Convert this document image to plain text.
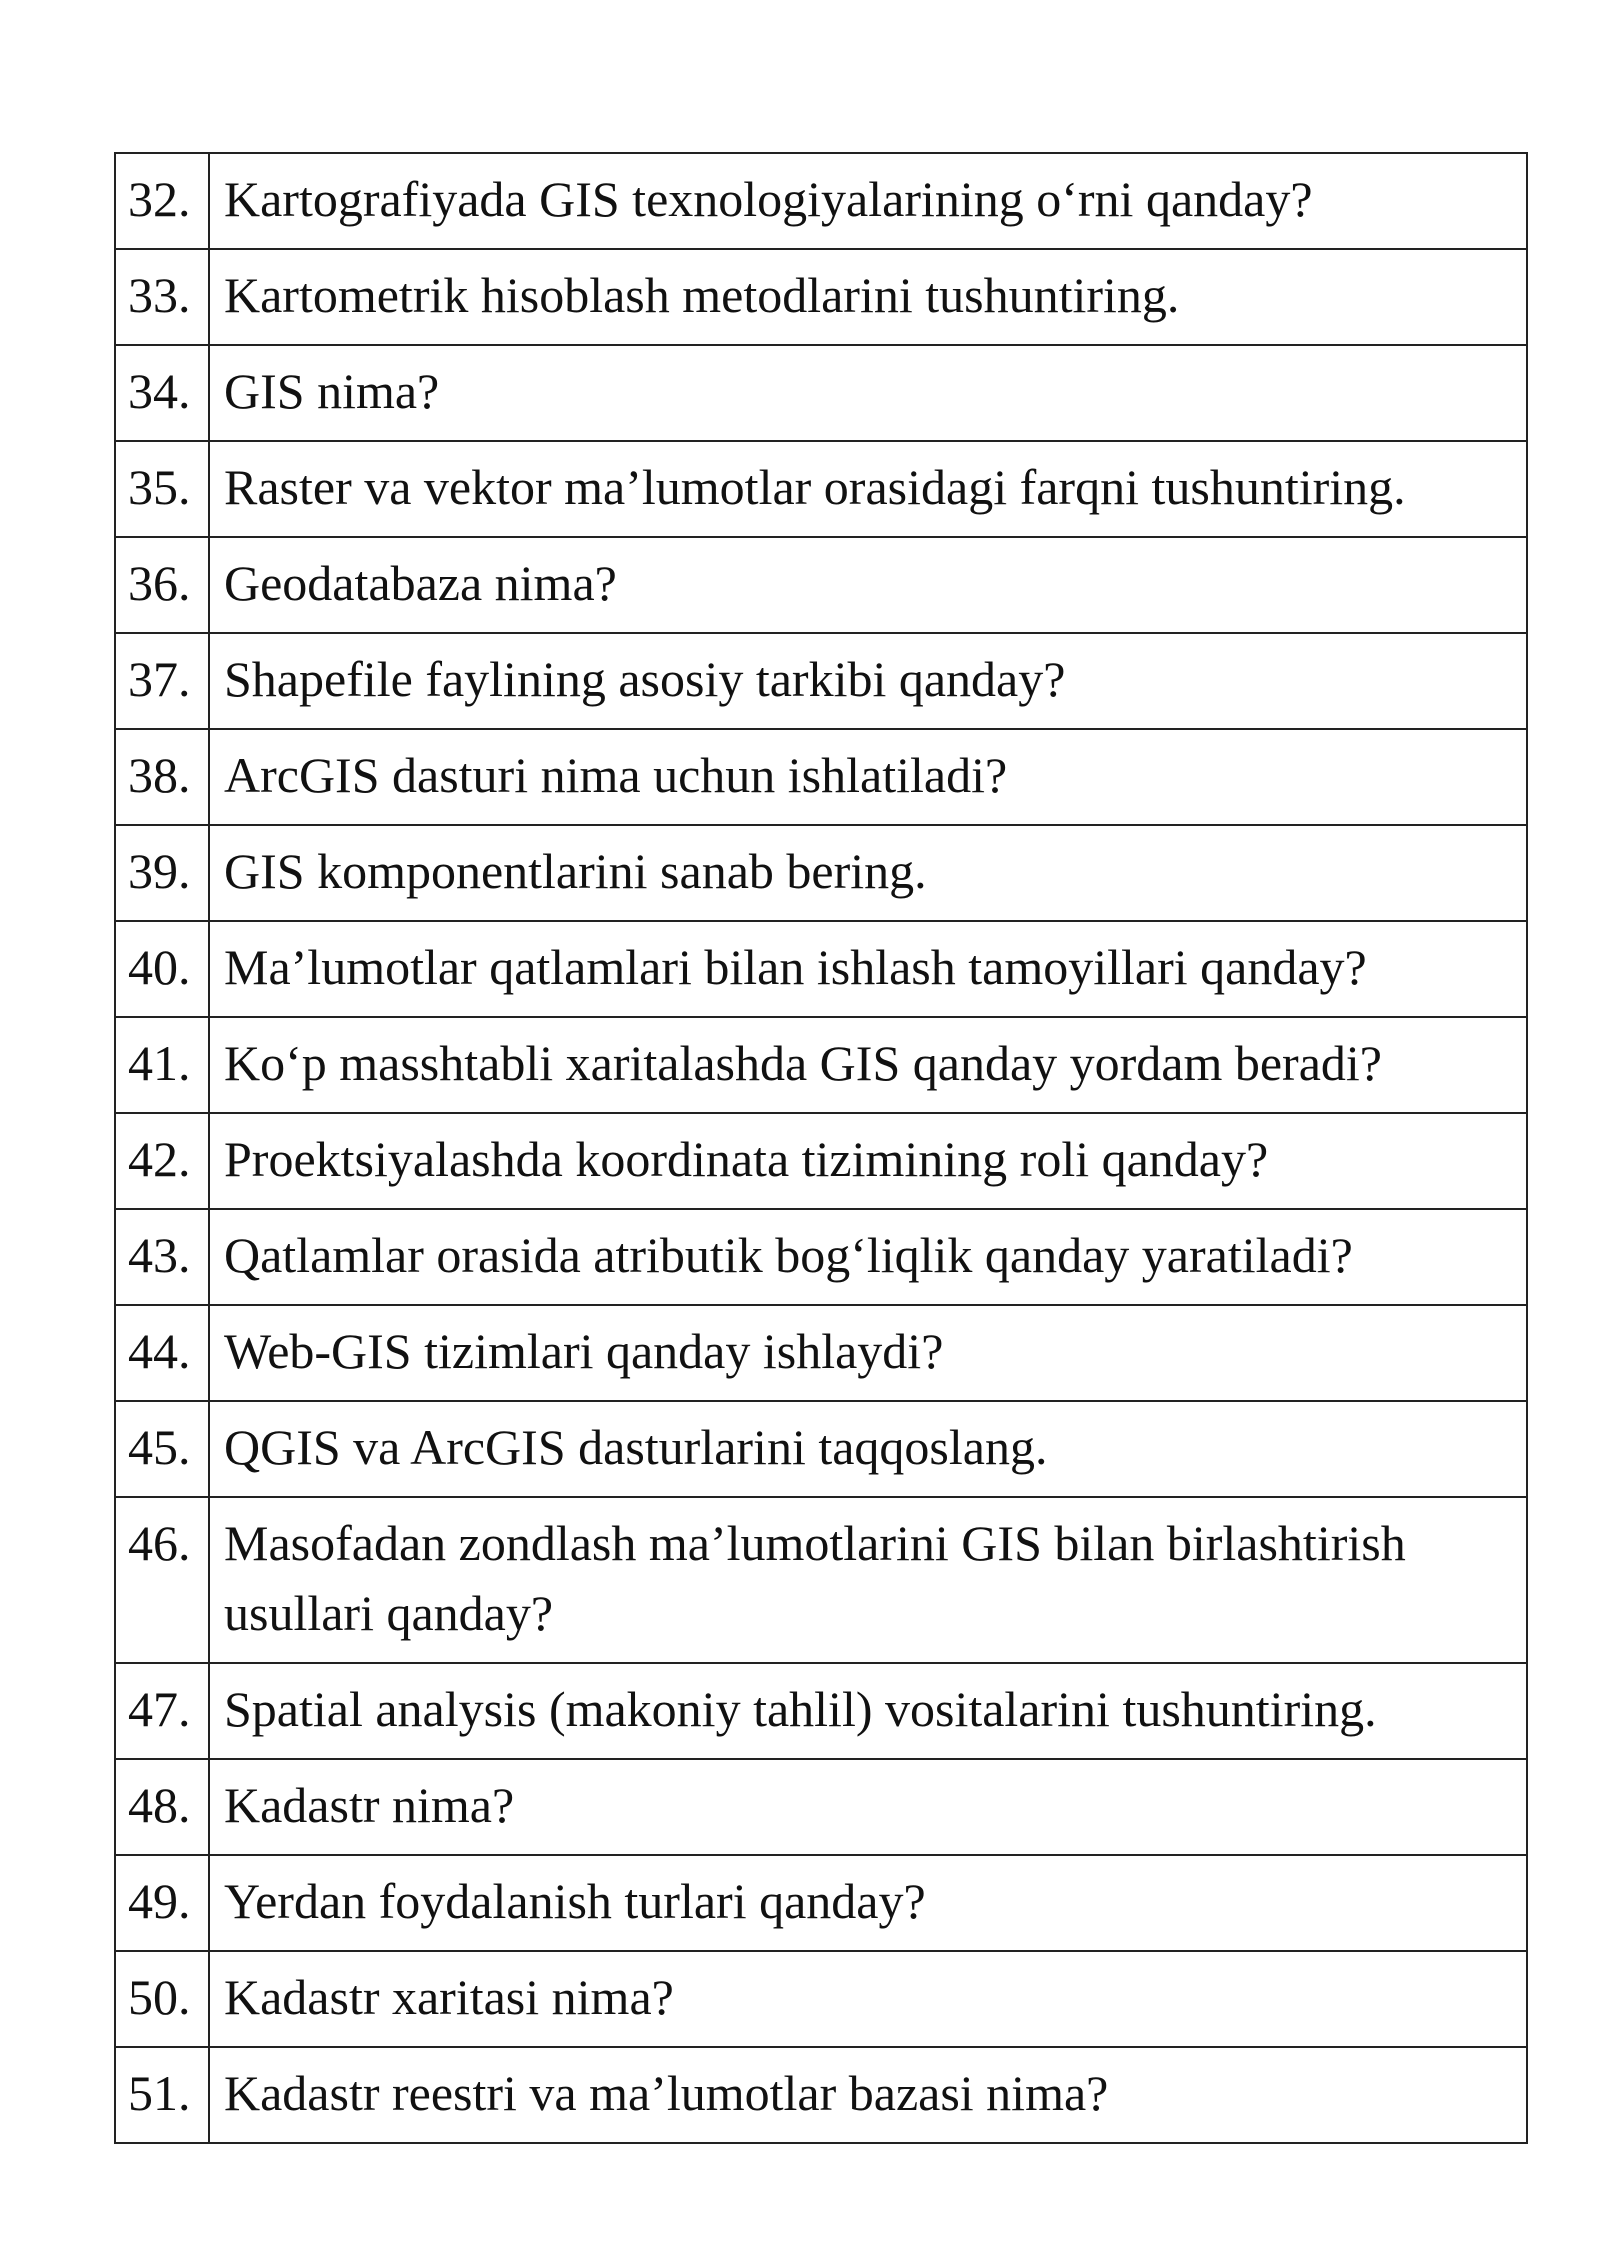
32.	Kartografiyada GIS texnologiyalarining o‘rni qanday?
33.	Kartometrik hisoblash metodlarini tushuntiring.
34.	GIS nima?
35.	Raster va vektor ma’lumotlar orasidagi farqni tushuntiring.
36.	Geodatabaza nima?
37.	Shapefile faylining asosiy tarkibi qanday?
38.	ArcGIS dasturi nima uchun ishlatiladi?
39.	GIS komponentlarini sanab bering.
40.	Ma’lumotlar qatlamlari bilan ishlash tamoyillari qanday?
41.	Ko‘p masshtabli xaritalashda GIS qanday yordam beradi?
42.	Proektsiyalashda koordinata tizimining roli qanday?
43.	Qatlamlar orasida atributik bog‘liqlik qanday yaratiladi?
44.	Web-GIS tizimlari qanday ishlaydi?
45.	QGIS va ArcGIS dasturlarini taqqoslang.
46.	Masofadan zondlash ma’lumotlarini GIS bilan birlashtirish usullari qanday?
47.	Spatial analysis (makoniy tahlil) vositalarini tushuntiring.
48.	Kadastr nima?
49.	Yerdan foydalanish turlari qanday?
50.	Kadastr xaritasi nima?
51.	Kadastr reestri va ma’lumotlar bazasi nima?
